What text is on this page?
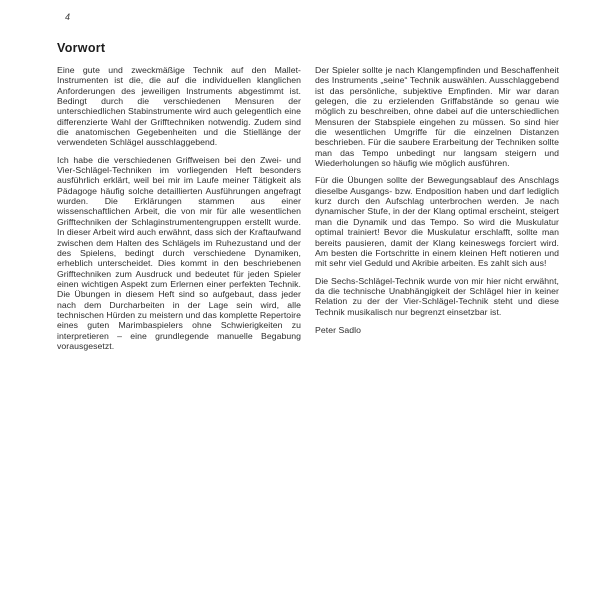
4
Vorwort

Eine gute und zweckmäßige Technik auf den Mallet-Instrumenten ist die, die auf die individuellen klanglichen Anforderungen des jeweiligen Instruments abgestimmt ist. Bedingt durch die verschiedenen Mensuren der unterschiedlichen Stabinstrumente wird auch gelegentlich eine differenzierte Wahl der Grifftechniken notwendig. Zudem sind die anatomischen Gegebenheiten und die Stiellänge der verwendeten Schlägel ausschlaggebend.

Ich habe die verschiedenen Griffweisen bei den Zwei- und Vier-Schlägel-Techniken im vorliegenden Heft besonders ausführlich erklärt, weil bei mir im Laufe meiner Tätigkeit als Pädagoge häufig solche detaillierten Ausführungen angefragt wurden. Die Erklärungen stammen aus einer wissenschaftlichen Arbeit, die von mir für alle wesentlichen Grifftechniken der Schlaginstrumentengruppen erstellt wurde. In dieser Arbeit wird auch erwähnt, dass sich der Kraftaufwand zwischen dem Halten des Schlägels im Ruhezustand und der des Spielens, bedingt durch verschiedene Dynamiken, erheblich unterscheidet. Dies kommt in den beschriebenen Grifftechniken zum Ausdruck und bedeutet für jeden Spieler einen wichtigen Aspekt zum Erlernen einer perfekten Technik. Die Übungen in diesem Heft sind so aufgebaut, dass jeder nach dem Durcharbeiten in der Lage sein wird, alle technischen Hürden zu meistern und das komplette Repertoire eines guten Marimbaspielers ohne Schwierigkeiten zu interpretieren – eine grundlegende manuelle Begabung vorausgesetzt.

Der Spieler sollte je nach Klangempfinden und Beschaffenheit des Instruments „seine“ Technik auswählen. Ausschlaggebend ist das persönliche, subjektive Empfinden. Mir war daran gelegen, die zu erzielenden Griffabstände so genau wie möglich zu beschreiben, ohne dabei auf die unterschiedlichen Mensuren der Stabspiele eingehen zu müssen. So sind hier die wesentlichen Umgriffe für die einzelnen Distanzen beschrieben. Für die saubere Erarbeitung der Techniken sollte man das Tempo unbedingt nur langsam steigern und Wiederholungen so häufig wie möglich ausführen.

Für die Übungen sollte der Bewegungsablauf des Anschlags dieselbe Ausgangs- bzw. Endposition haben und darf lediglich kurz durch den Aufschlag unterbrochen werden. Je nach dynamischer Stufe, in der der Klang optimal erscheint, steigert man die Dynamik und das Tempo. So wird die Muskulatur optimal trainiert! Bevor die Muskulatur erschlafft, sollte man bereits pausieren, damit der Klang keineswegs forciert wird. Am besten die Fortschritte in einem kleinen Heft notieren und mit sehr viel Geduld und Akribie arbeiten. Es zahlt sich aus!

Die Sechs-Schlägel-Technik wurde von mir hier nicht erwähnt, da die technische Unabhängigkeit der Schlägel hier in keiner Relation zu der der Vier-Schlägel-Technik steht und diese Technik musikalisch nur begrenzt einsetzbar ist.

Peter Sadlo
